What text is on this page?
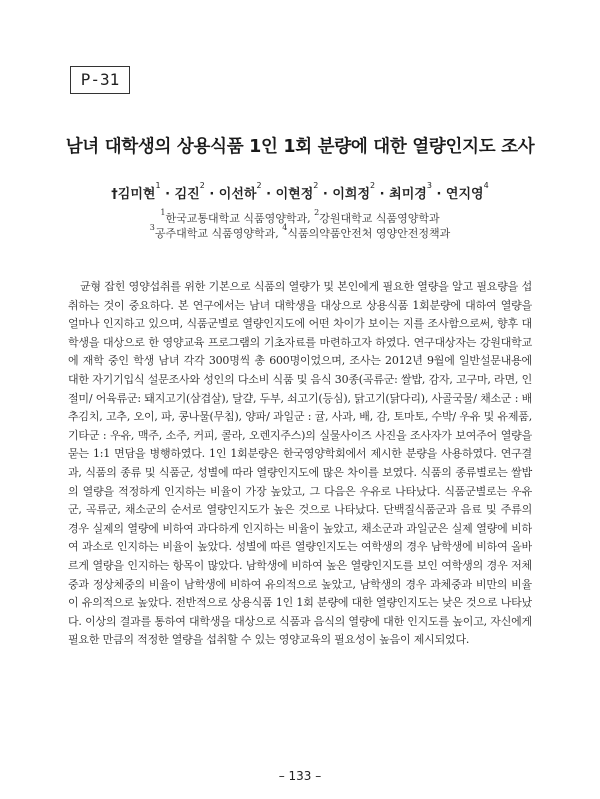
P-31
남녀 대학생의 상용식품 1인 1회 분량에 대한 열량인지도 조사
†김미현$^1$ · 김진$^2$ · 이선하$^2$ · 이현정$^2$ · 이희정$^2$ · 최미경$^3$ · 연지영$^4$
$^1$한국교통대학교 식품영양학과, $^2$강원대학교 식품영양학과
$^3$공주대학교 식품영양학과, $^4$식품의약품안전처 영양안전정책과

균형 잡힌 영양섭취를 위한 기본으로 식품의 열량가 및 본인에게 필요한 열량을 알고 필요량을 섭취하는 것이 중요하다. 본 연구에서는 남녀 대학생을 대상으로 상용식품 1회분량에 대하여 열량을 얼마나 인지하고 있으며, 식품군별로 열량인지도에 어떤 차이가 보이는 지를 조사함으로써, 향후 대학생을 대상으로 한 영양교육 프로그램의 기초자료를 마련하고자 하였다. 연구대상자는 강원대학교에 재학 중인 학생 남녀 각각 300명씩 총 600명이었으며, 조사는 2012년 9월에 일반설문내용에 대한 자기기입식 설문조사와 성인의 다소비 식품 및 음식 30종(곡류군: 쌀밥, 감자, 고구마, 라면, 인절미/ 어육류군: 돼지고기(삼겹살), 달걀, 두부, 쇠고기(등심), 닭고기(닭다리), 사골국물/ 채소군 : 배추김치, 고추, 오이, 파, 콩나물(무침), 양파/ 과일군 : 귤, 사과, 배, 감, 토마토, 수박/ 우유 및 유제품, 기타군 : 우유, 맥주, 소주, 커피, 콜라, 오렌지주스)의 실물사이즈 사진을 조사자가 보여주어 열량을 묻는 1:1 면담을 병행하였다. 1인 1회분량은 한국영양학회에서 제시한 분량을 사용하였다. 연구결과, 식품의 종류 및 식품군, 성별에 따라 열량인지도에 많은 차이를 보였다. 식품의 종류별로는 쌀밥의 열량을 적정하게 인지하는 비율이 가장 높았고, 그 다음은 우유로 나타났다. 식품군별로는 우유군, 곡류군, 채소군의 순서로 열량인지도가 높은 것으로 나타났다. 단백질식품군과 음료 및 주류의 경우 실제의 열량에 비하여 과다하게 인지하는 비율이 높았고, 채소군과 과일군은 실제 열량에 비하여 과소로 인지하는 비율이 높았다. 성별에 따른 열량인지도는 여학생의 경우 남학생에 비하여 올바르게 열량을 인지하는 항목이 많았다. 남학생에 비하여 높은 열량인지도를 보인 여학생의 경우 저체중과 정상체중의 비율이 남학생에 비하여 유의적으로 높았고, 남학생의 경우 과체중과 비만의 비율이 유의적으로 높았다. 전반적으로 상용식품 1인 1회 분량에 대한 열량인지도는 낮은 것으로 나타났다. 이상의 결과를 통하여 대학생을 대상으로 식품과 음식의 열량에 대한 인지도를 높이고, 자신에게 필요한 만큼의 적정한 열량을 섭취할 수 있는 영양교육의 필요성이 높음이 제시되었다.

– 133 –
